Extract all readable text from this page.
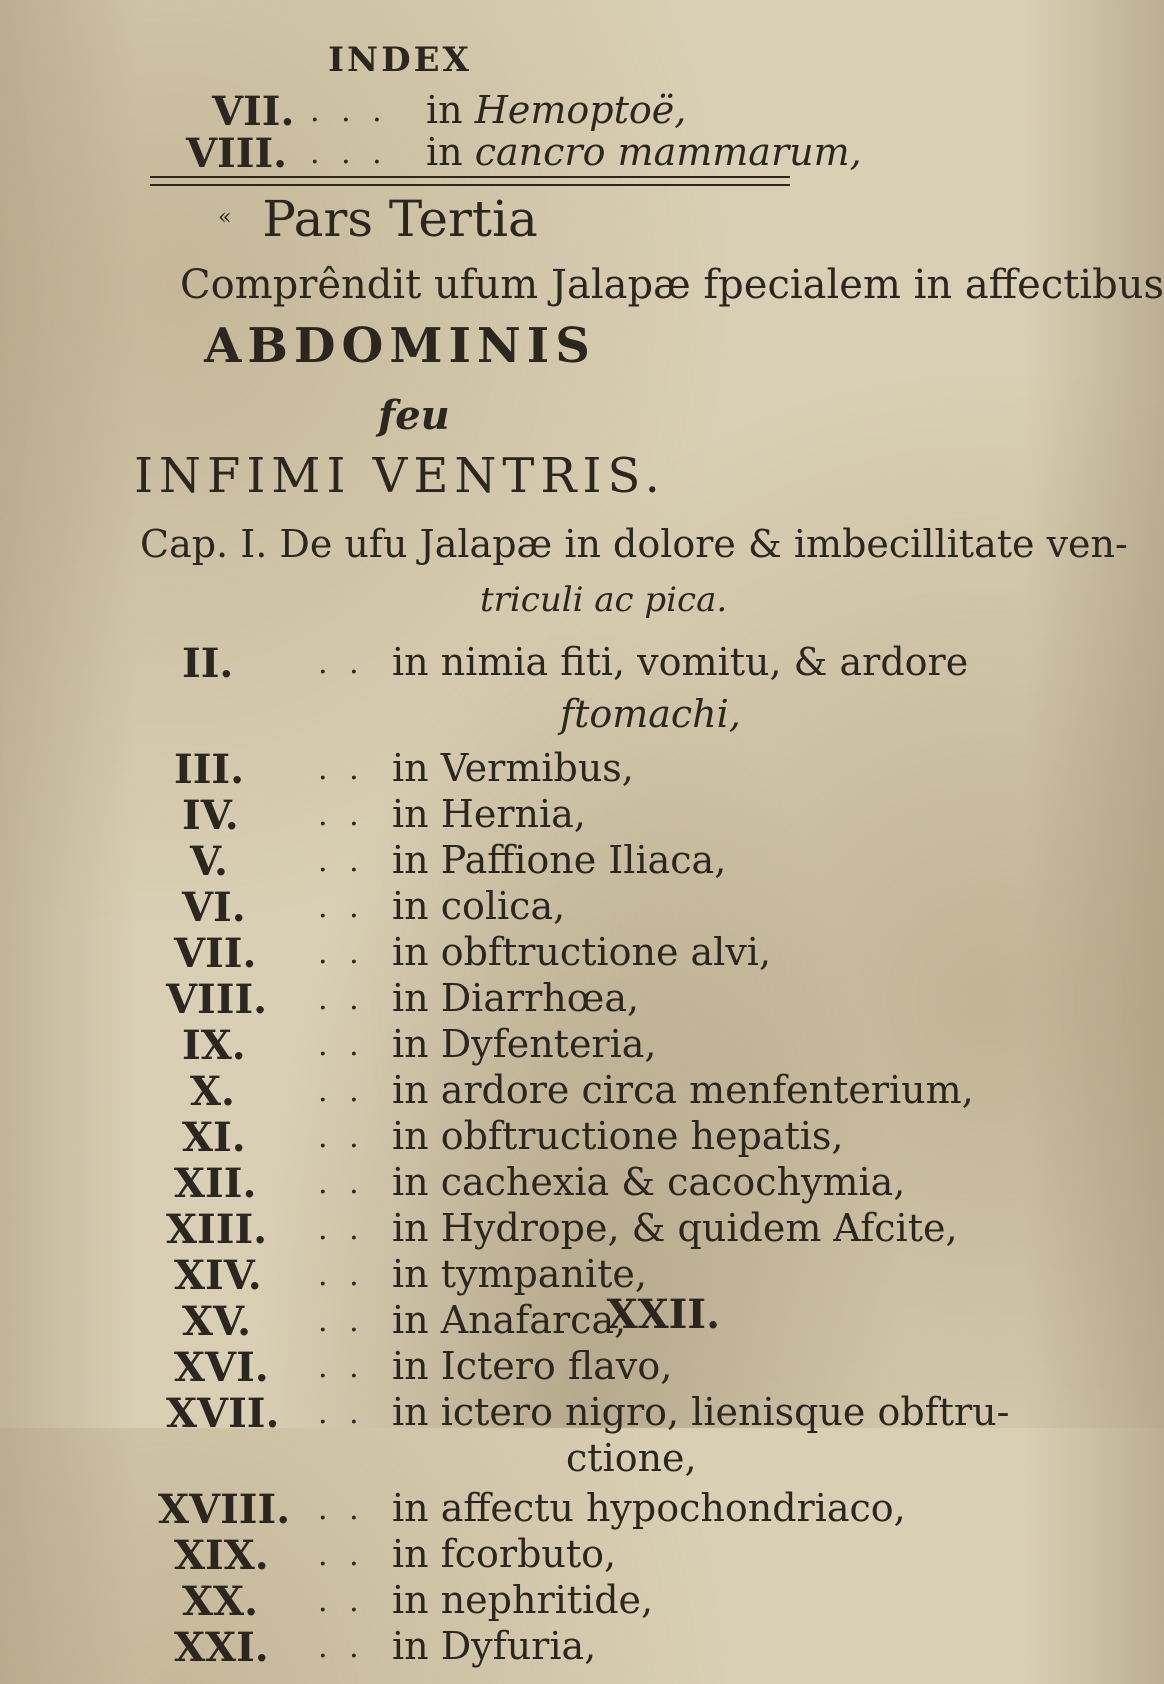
INDEX
VII. . . . in Hemoptoë,
VIII. . . . in cancro mammarum,
« Pars Tertia
Comprêndit ufum Jalapæ fpecialem in affectibus
ABDOMINIS
feu
INFIMI VENTRIS.
Cap. I. De ufu Jalapæ in dolore & imbecillitate ven-
triculi ac pica.
II.	. . in nimia fiti, vomitu, & ardore
III. . . in Vermibus,
IV.	. . in Hernia,
V.	. . in Paffione Iliaca,
VI. . . in colica,
VII. . . in obftructione alvi,
VIII. . . in Diarrhœa,
IX. . . in Dyfenteria,
X.	. . in ardore circa menfenterium,
XI. . . in obftructione hepatis,
XII. . . in cachexia & cacochymia,
XIII. . . in Hydrope, & quidem Afcite,
XIV. . . in tympanite,
XV. . . in Anafarca,
XVI. . . in Ictero flavo,
XVII. . . in ictero nigro, lienisque obftru-
XVIII. . . in affectu hypochondriaco,
XIX. . . in fcorbuto,
XX. . . in nephritide,
XXI. . . in Dyfuria,
ftomachi,
ctione,
XXII.
